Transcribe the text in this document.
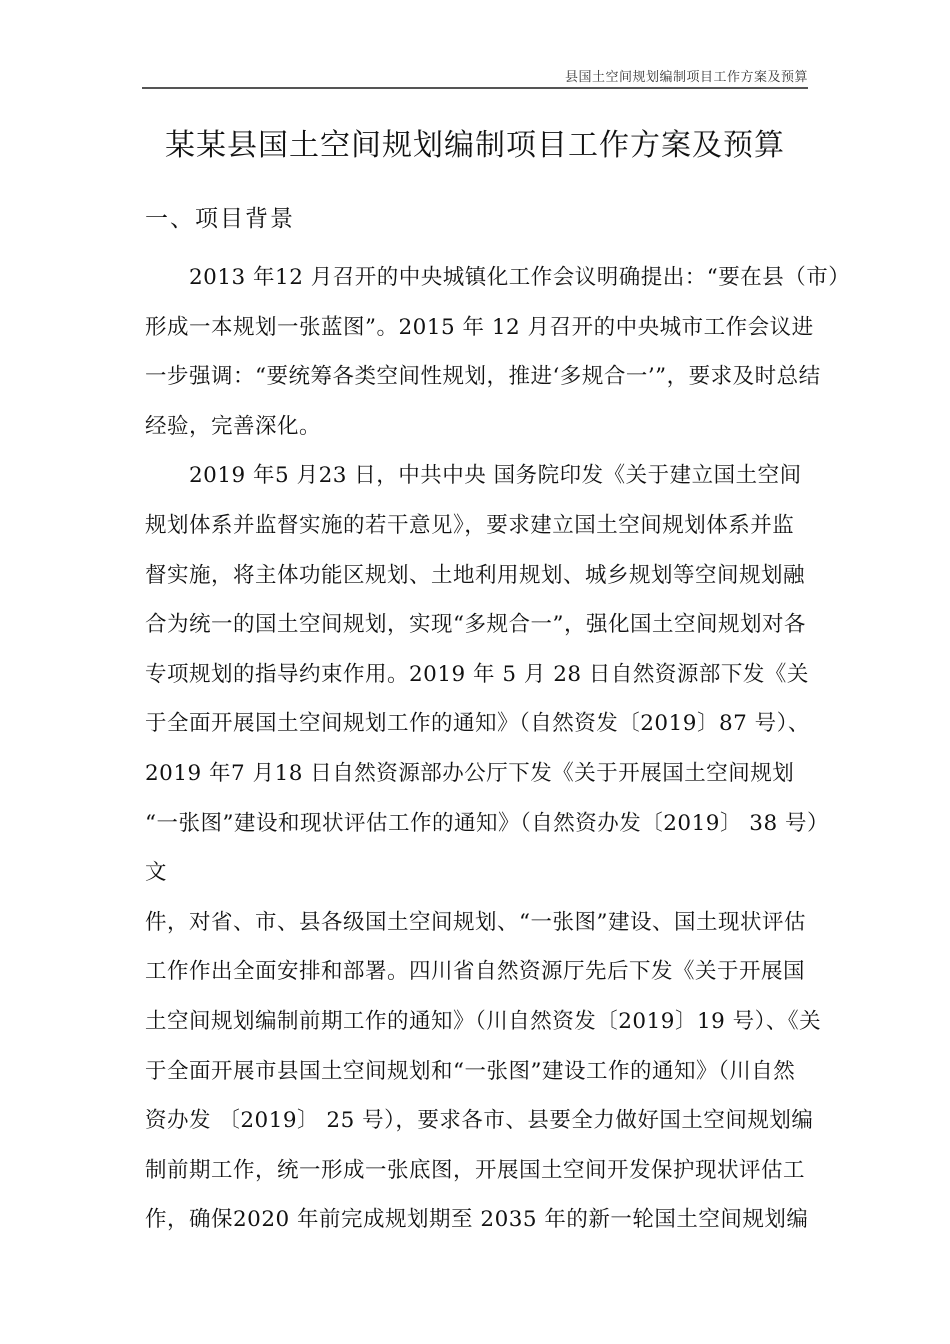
县国土空间规划编制项目工作方案及预算
某某县国土空间规划编制项目工作方案及预算
一、项目背景
　　2013 年12 月召开的中央城镇化工作会议明确提出：“要在县（市）
形成一本规划一张蓝图”。2015 年 12 月召开的中央城市工作会议进
一步强调：“要统筹各类空间性规划，推进‘多规合一’”，要求及时总结
经验，完善深化。
　　2019 年5 月23 日，中共中央 国务院印发《关于建立国土空间
规划体系并监督实施的若干意见》，要求建立国土空间规划体系并监
督实施，将主体功能区规划、土地利用规划、城乡规划等空间规划融
合为统一的国土空间规划，实现“多规合一”，强化国土空间规划对各
专项规划的指导约束作用。2019 年 5 月 28 日自然资源部下发《关
于全面开展国土空间规划工作的通知》（自然资发〔2019〕87 号）、
2019 年7 月18 日自然资源部办公厅下发《关于开展国土空间规划
“一张图”建设和现状评估工作的通知》（自然资办发〔2019〕 38 号）
文
件，对省、市、县各级国土空间规划、“一张图”建设、国土现状评估
工作作出全面安排和部署。四川省自然资源厅先后下发《关于开展国
土空间规划编制前期工作的通知》（川自然资发〔2019〕19 号）、《关
于全面开展市县国土空间规划和“一张图”建设工作的通知》（川自然
资办发 〔2019〕 25 号），要求各市、县要全力做好国土空间规划编
制前期工作，统一形成一张底图，开展国土空间开发保护现状评估工
作，确保2020 年前完成规划期至 2035 年的新一轮国土空间规划编
